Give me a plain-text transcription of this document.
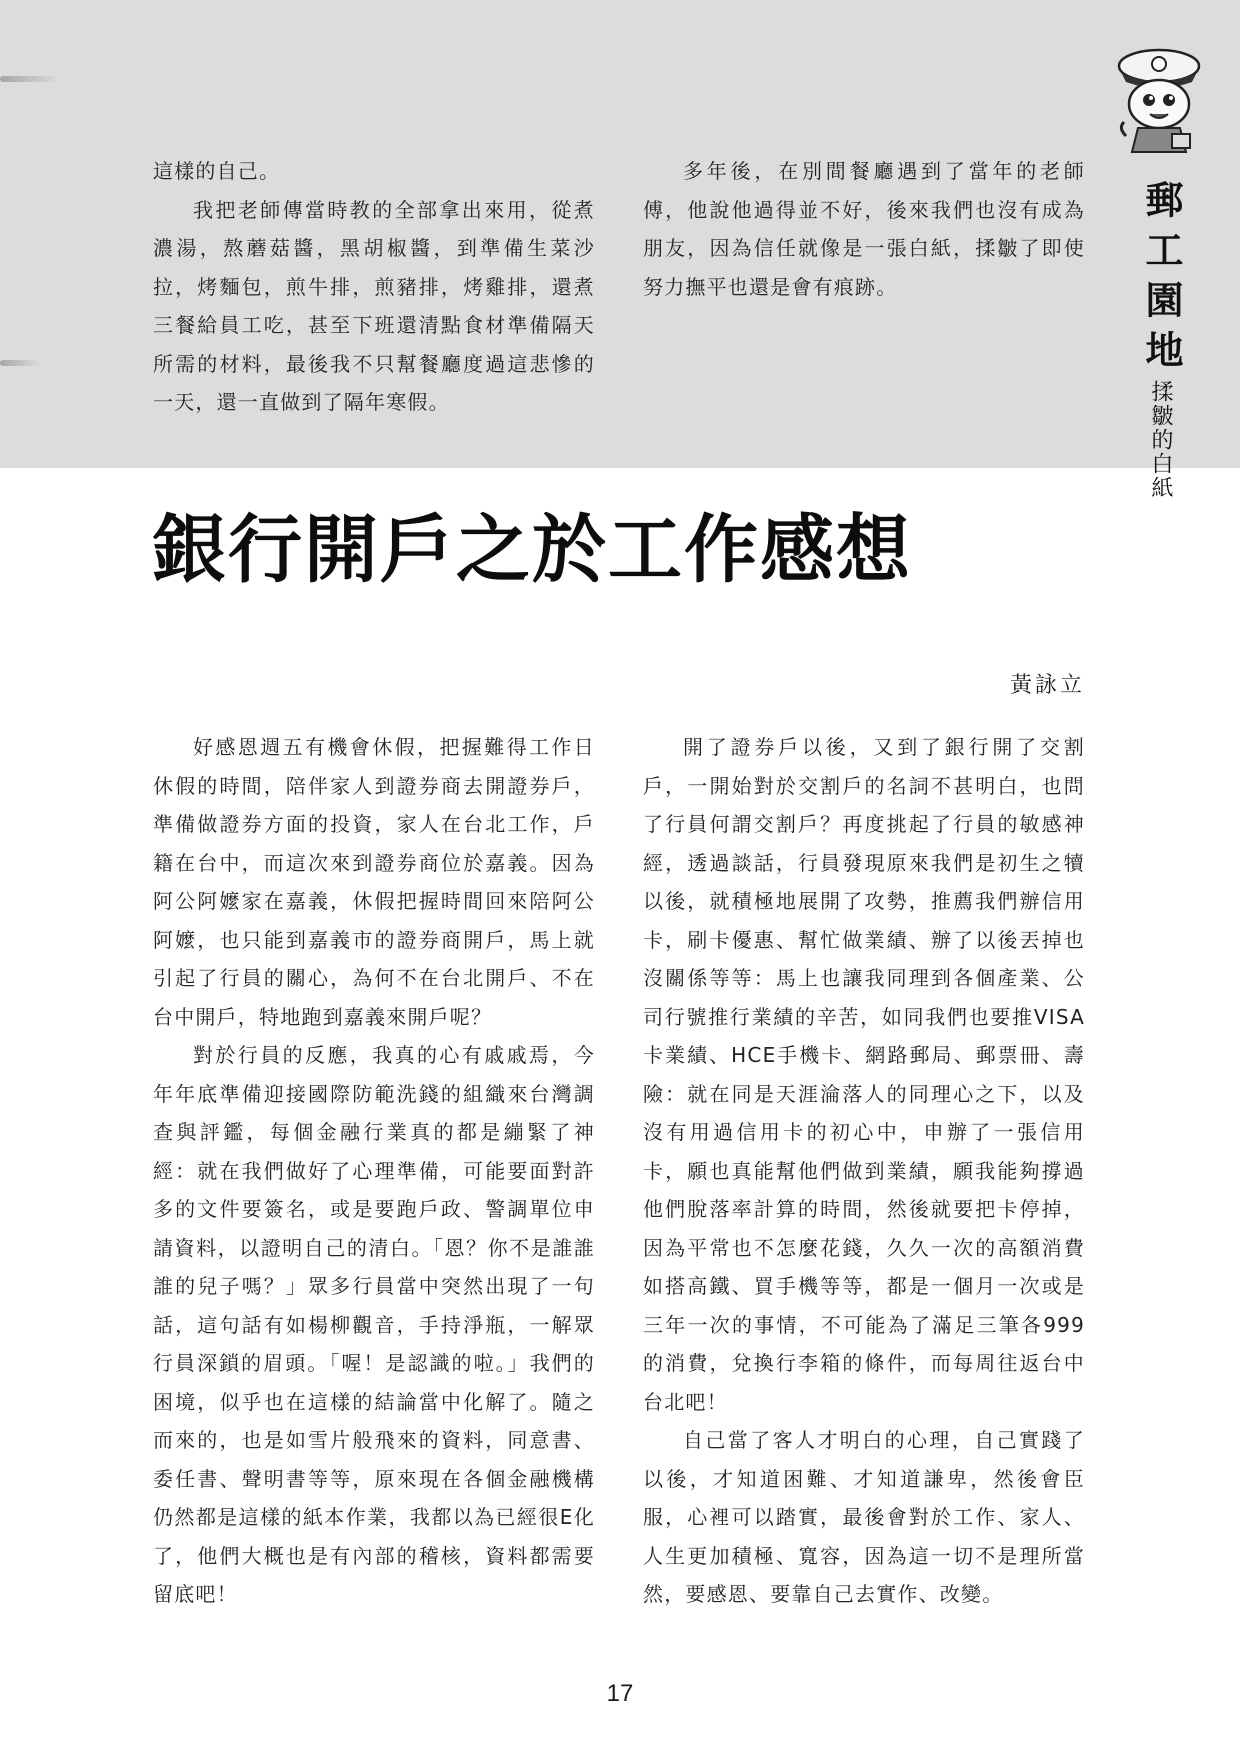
這樣的自己。

我把老師傳當時教的全部拿出來用，從煮濃湯，熬蘑菇醬，黑胡椒醬，到準備生菜沙拉，烤麵包，煎牛排，煎豬排，烤雞排，還煮三餐給員工吃，甚至下班還清點食材準備隔天所需的材料，最後我不只幫餐廳度過這悲慘的一天，還一直做到了隔年寒假。

多年後，在別間餐廳遇到了當年的老師傅，他說他過得並不好，後來我們也沒有成為朋友，因為信任就像是一張白紙，揉皺了即使努力撫平也還是會有痕跡。	郵工園地
揉皺的白紙
銀行開戶之於工作感想
黃詠立

好感恩週五有機會休假，把握難得工作日休假的時間，陪伴家人到證券商去開證券戶，準備做證券方面的投資，家人在台北工作，戶籍在台中，而這次來到證券商位於嘉義。因為阿公阿嬤家在嘉義，休假把握時間回來陪阿公阿嬤，也只能到嘉義市的證券商開戶，馬上就引起了行員的關心，為何不在台北開戶、不在台中開戶，特地跑到嘉義來開戶呢？

對於行員的反應，我真的心有戚戚焉，今年年底準備迎接國際防範洗錢的組織來台灣調查與評鑑，每個金融行業真的都是繃緊了神經：就在我們做好了心理準備，可能要面對許多的文件要簽名，或是要跑戶政、警調單位申請資料，以證明自己的清白。「恩？你不是誰誰誰的兒子嗎？」眾多行員當中突然出現了一句話，這句話有如楊柳觀音，手持淨瓶，一解眾行員深鎖的眉頭。「喔！是認識的啦。」我們的困境，似乎也在這樣的結論當中化解了。隨之而來的，也是如雪片般飛來的資料，同意書、委任書、聲明書等等，原來現在各個金融機構仍然都是這樣的紙本作業，我都以為已經很E化了，他們大概也是有內部的稽核，資料都需要留底吧！

開了證券戶以後，又到了銀行開了交割戶，一開始對於交割戶的名詞不甚明白，也問了行員何謂交割戶？再度挑起了行員的敏感神經，透過談話，行員發現原來我們是初生之犢以後，就積極地展開了攻勢，推薦我們辦信用卡，刷卡優惠、幫忙做業績、辦了以後丟掉也沒關係等等：馬上也讓我同理到各個產業、公司行號推行業績的辛苦，如同我們也要推VISA卡業績、HCE手機卡、網路郵局、郵票冊、壽險：就在同是天涯淪落人的同理心之下，以及沒有用過信用卡的初心中，申辦了一張信用卡，願也真能幫他們做到業績，願我能夠撐過他們脫落率計算的時間，然後就要把卡停掉，因為平常也不怎麼花錢，久久一次的高額消費如搭高鐵、買手機等等，都是一個月一次或是三年一次的事情，不可能為了滿足三筆各999的消費，兌換行李箱的條件，而每周往返台中台北吧！

自己當了客人才明白的心理，自己實踐了以後，才知道困難、才知道謙卑，然後會臣服，心裡可以踏實，最後會對於工作、家人、人生更加積極、寬容，因為這一切不是理所當然，要感恩、要靠自己去實作、改變。

17
